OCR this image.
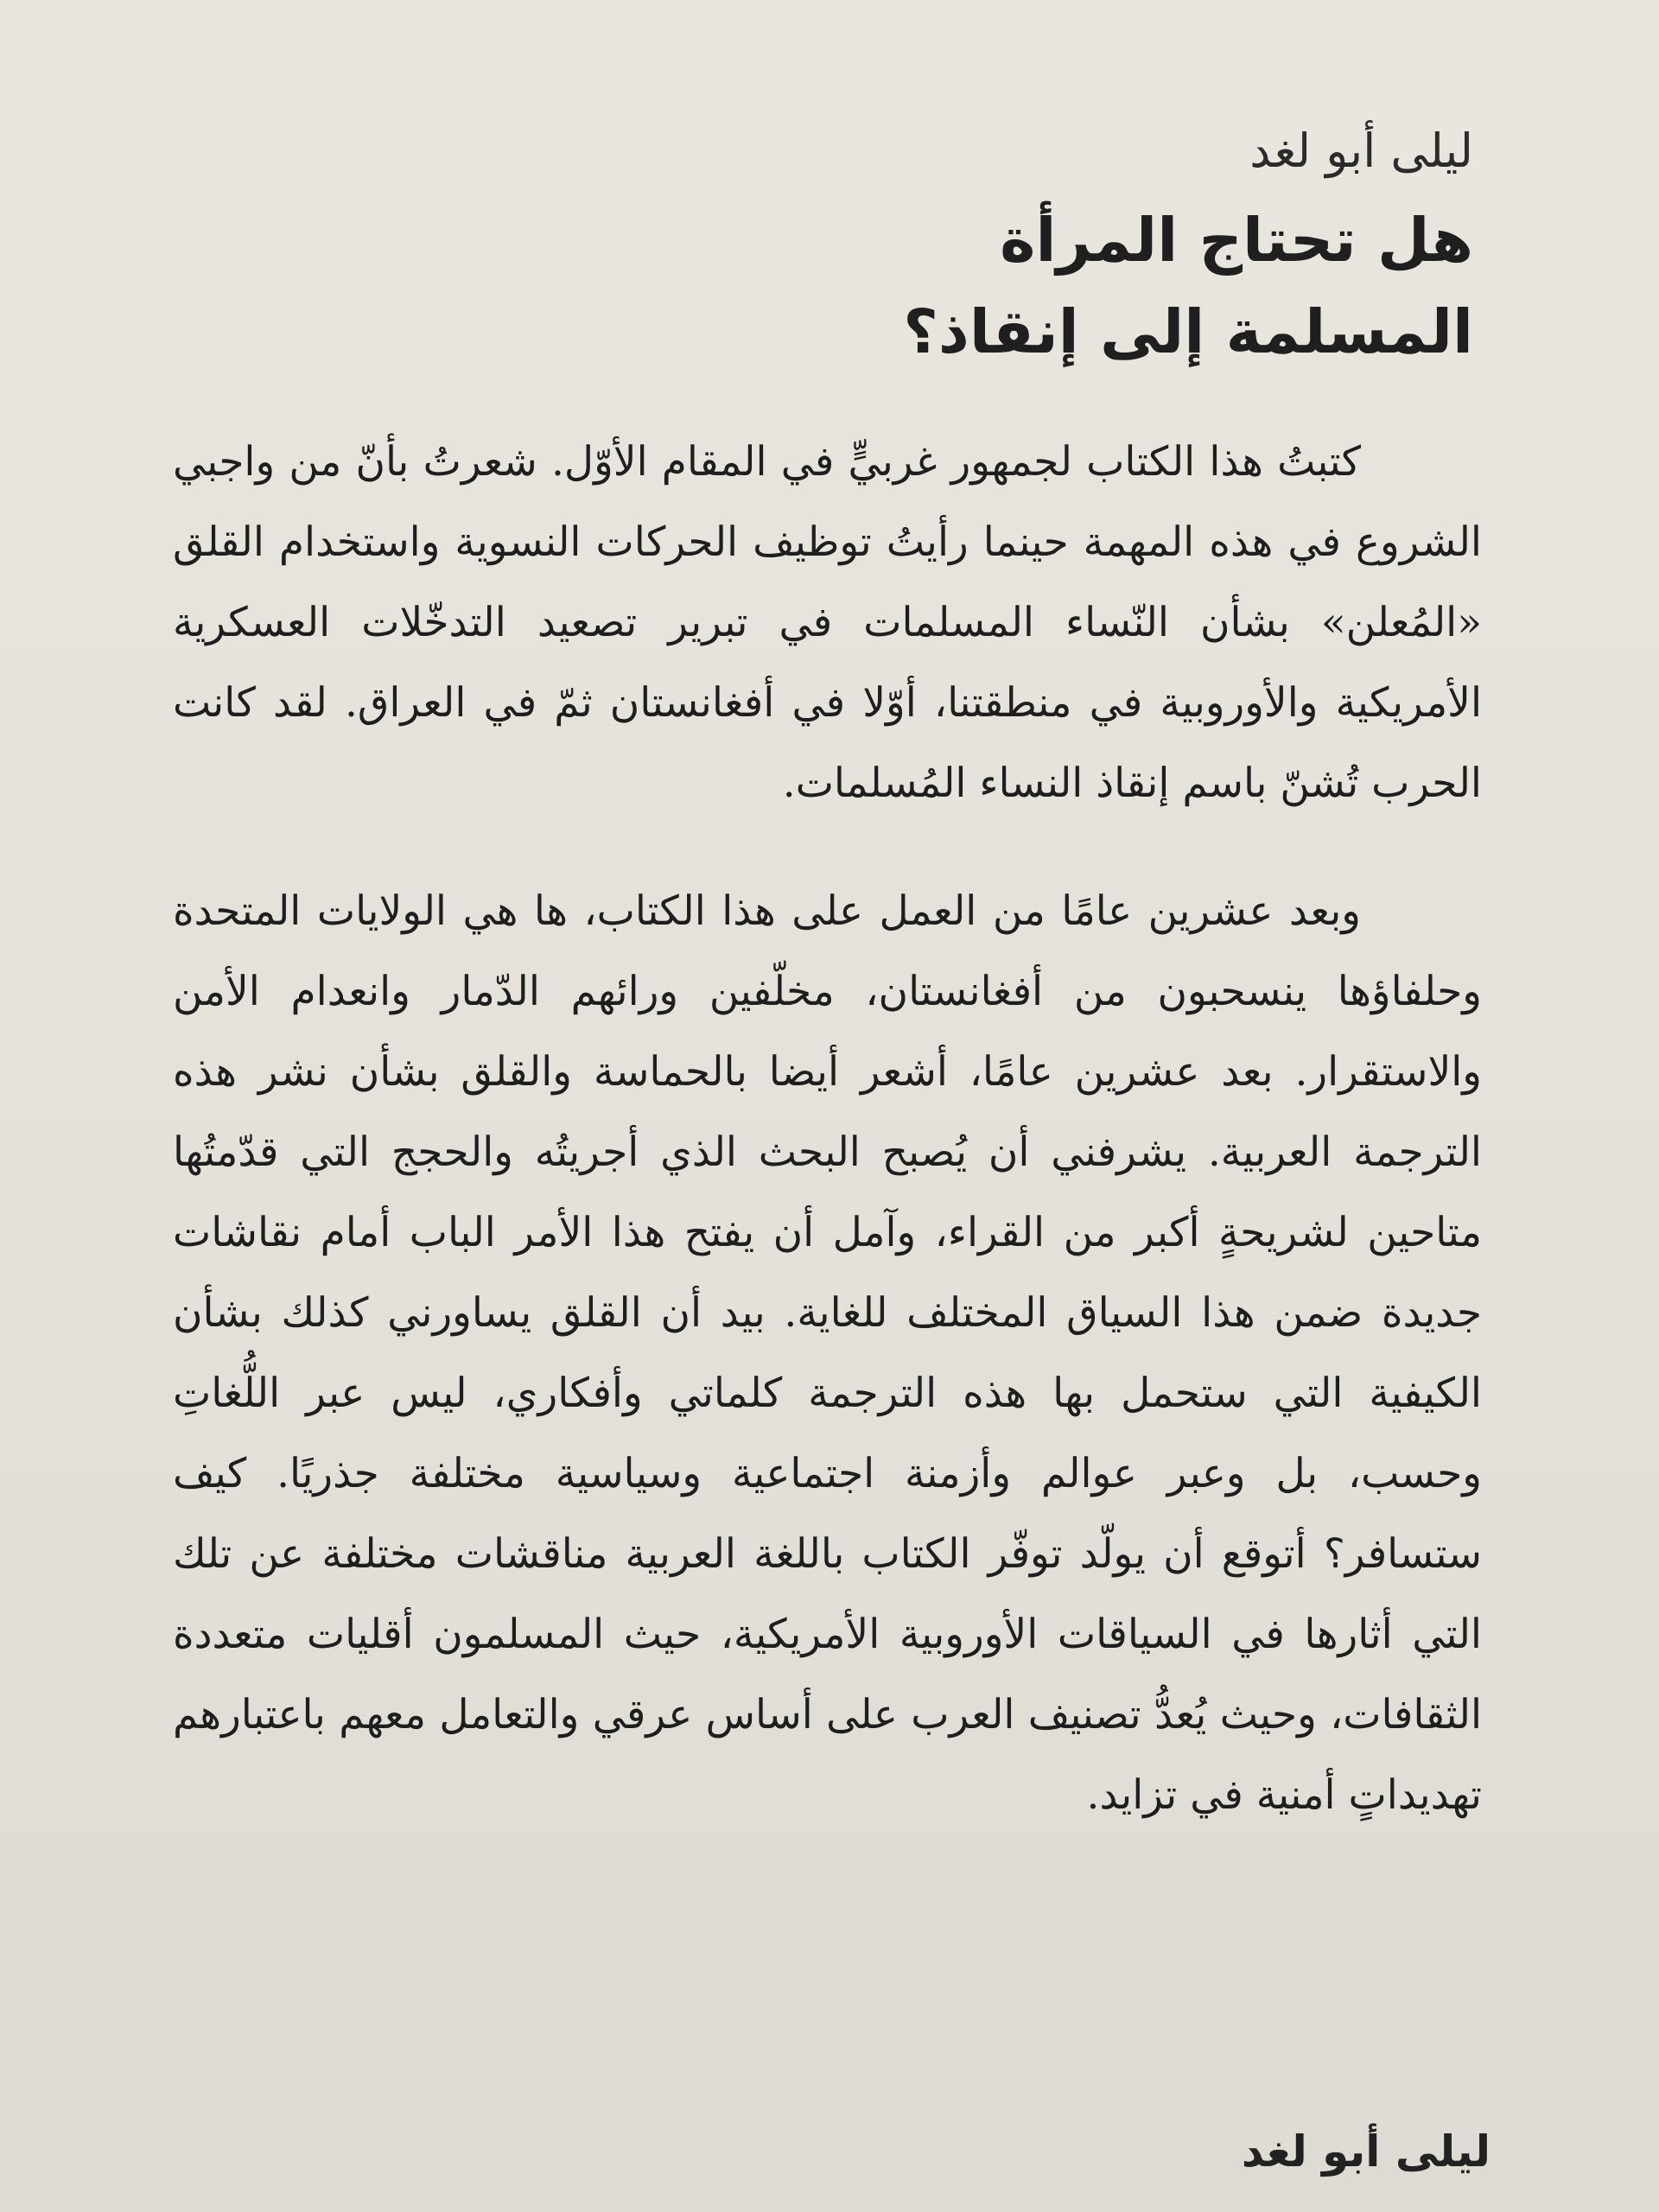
ليلى أبو لغد

هل تحتاج المرأة
المسلمة إلى إنقاذ؟

كتبتُ هذا الكتاب لجمهور غربيٍّ في المقام الأوّل. شعرتُ بأنّ من واجبي الشروع في هذه المهمة حينما رأيتُ توظيف الحركات النسوية واستخدام القلق «المُعلن» بشأن النّساء المسلمات في تبرير تصعيد التدخّلات العسكرية الأمريكية والأوروبية في منطقتنا، أوّلا في أفغانستان ثمّ في العراق. لقد كانت الحرب تُشنّ باسم إنقاذ النساء المُسلمات.

وبعد عشرين عامًا من العمل على هذا الكتاب، ها هي الولايات المتحدة وحلفاؤها ينسحبون من أفغانستان، مخلّفين ورائهم الدّمار وانعدام الأمن والاستقرار. بعد عشرين عامًا، أشعر أيضا بالحماسة والقلق بشأن نشر هذه الترجمة العربية. يشرفني أن يُصبح البحث الذي أجريتُه والحجج التي قدّمتُها متاحين لشريحةٍ أكبر من القراء، وآمل أن يفتح هذا الأمر الباب أمام نقاشات جديدة ضمن هذا السياق المختلف للغاية. بيد أن القلق يساورني كذلك بشأن الكيفية التي ستحمل بها هذه الترجمة كلماتي وأفكاري، ليس عبر اللُّغاتِ وحسب، بل وعبر عوالم وأزمنة اجتماعية وسياسية مختلفة جذريًا. كيف ستسافر؟ أتوقع أن يولّد توفّر الكتاب باللغة العربية مناقشات مختلفة عن تلك التي أثارها في السياقات الأوروبية الأمريكية، حيث المسلمون أقليات متعددة الثقافات، وحيث يُعدُّ تصنيف العرب على أساس عرقي والتعامل معهم باعتبارهم تهديداتٍ أمنية في تزايد.

ليلى أبو لغد
